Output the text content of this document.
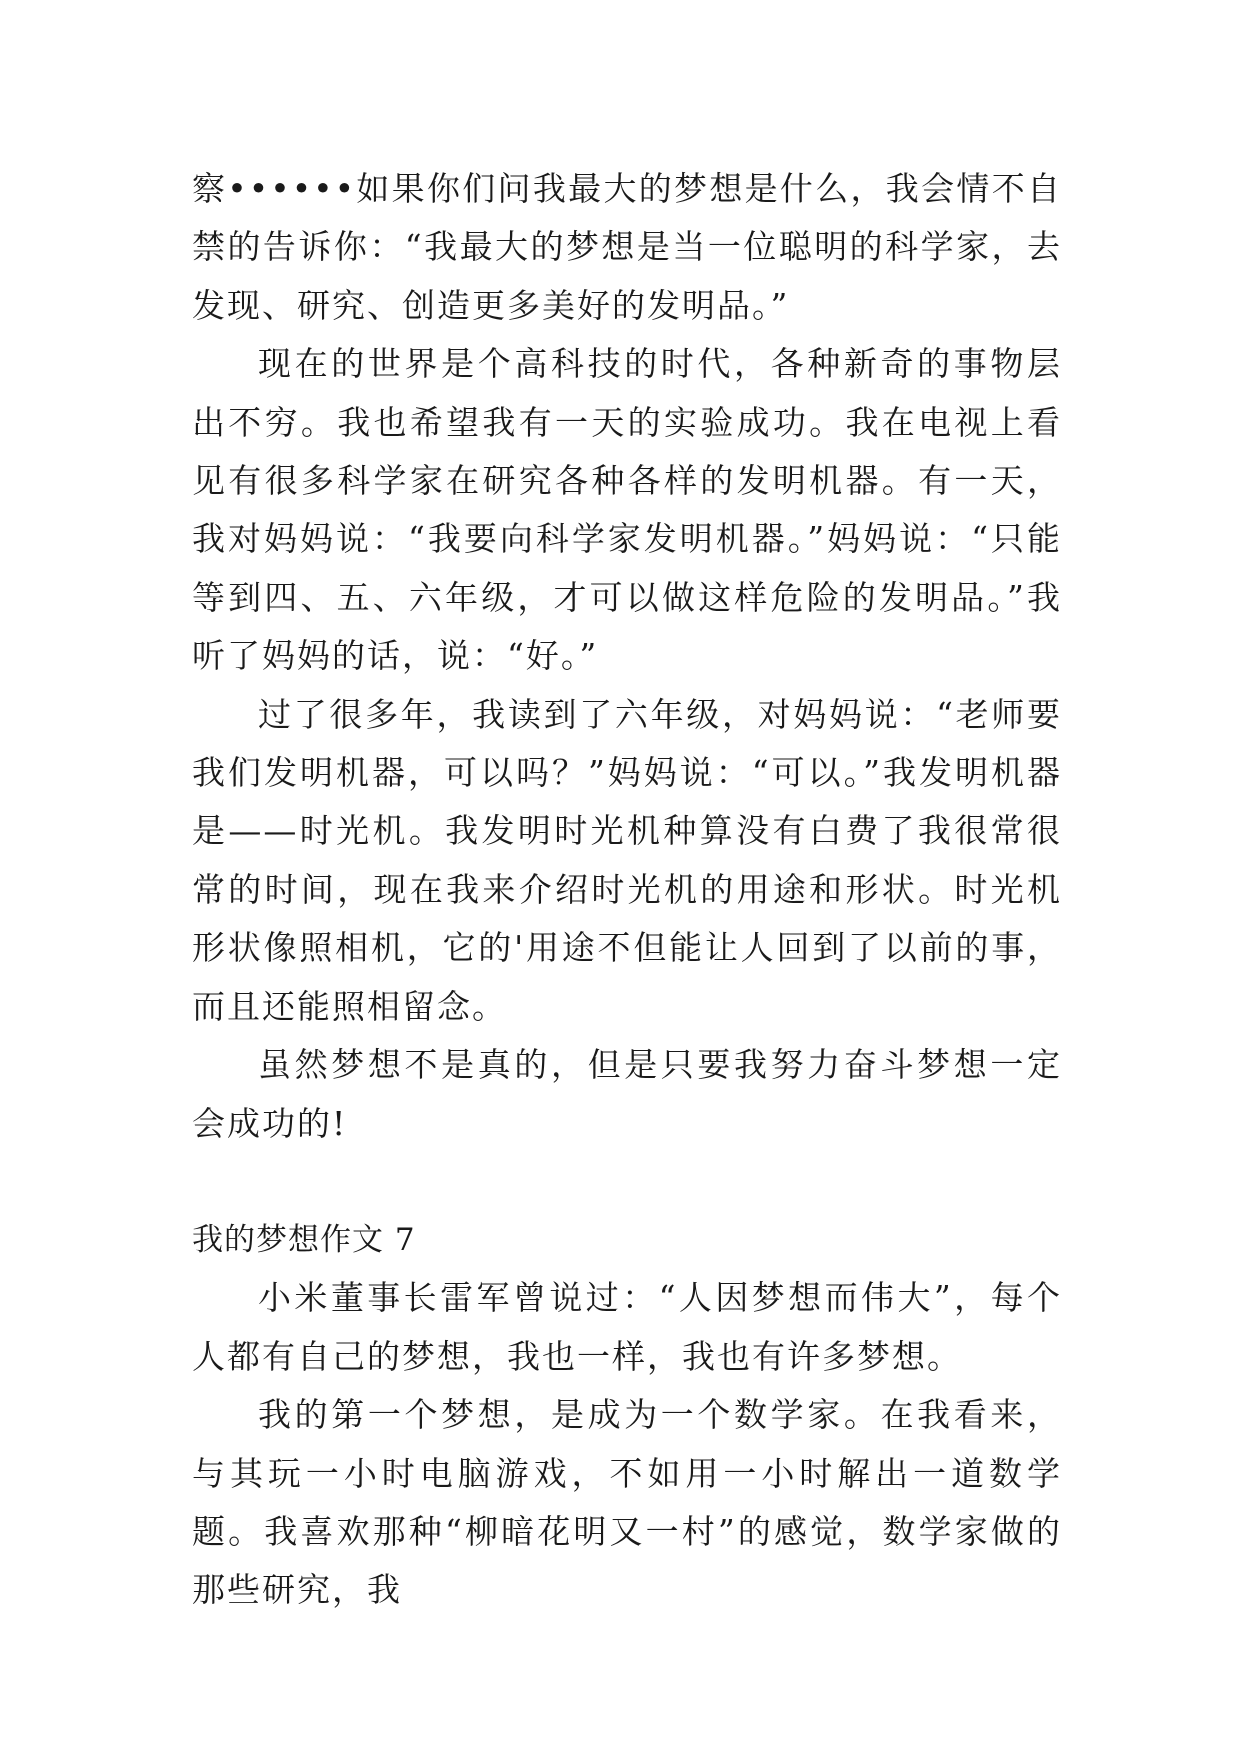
察••••••如果你们问我最大的梦想是什么，我会情不自禁的告诉你：“我最大的梦想是当一位聪明的科学家，去发现、研究、创造更多美好的发明品。”

现在的世界是个高科技的时代，各种新奇的事物层出不穷。我也希望我有一天的实验成功。我在电视上看见有很多科学家在研究各种各样的发明机器。有一天，我对妈妈说：“我要向科学家发明机器。”妈妈说：“只能等到四、五、六年级，才可以做这样危险的发明品。”我听了妈妈的话，说：“好。”

过了很多年，我读到了六年级，对妈妈说：“老师要我们发明机器，可以吗？”妈妈说：“可以。”我发明机器是——时光机。我发明时光机种算没有白费了我很常很常的时间，现在我来介绍时光机的用途和形状。时光机形状像照相机，它的'用途不但能让人回到了以前的事，而且还能照相留念。

虽然梦想不是真的，但是只要我努力奋斗梦想一定会成功的!

我的梦想作文 7

小米董事长雷军曾说过：“人因梦想而伟大”，每个人都有自己的梦想，我也一样，我也有许多梦想。

我的第一个梦想，是成为一个数学家。在我看来，与其玩一小时电脑游戏，不如用一小时解出一道数学题。我喜欢那种“柳暗花明又一村”的感觉，数学家做的那些研究，我
